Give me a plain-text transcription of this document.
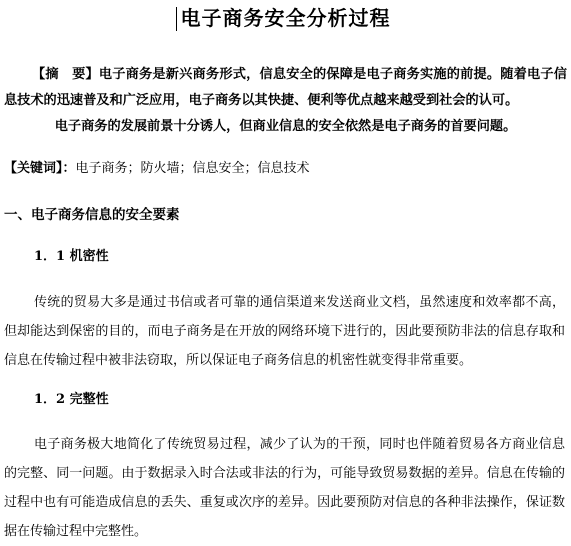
电子商务安全分析过程
【摘　要】电子商务是新兴商务形式，信息安全的保障是电子商务实施的前提。随着电子信息技术的迅速普及和广泛应用，电子商务以其快捷、便利等优点越来越受到社会的认可。
电子商务的发展前景十分诱人，但商业信息的安全依然是电子商务的首要问题。
【关键词】：电子商务；防火墙；信息安全；信息技术
一、电子商务信息的安全要素
1．1 机密性
传统的贸易大多是通过书信或者可靠的通信渠道来发送商业文档，虽然速度和效率都不高，但却能达到保密的目的，而电子商务是在开放的网络环境下进行的，因此要预防非法的信息存取和信息在传输过程中被非法窃取，所以保证电子商务信息的机密性就变得非常重要。
1．2 完整性
电子商务极大地简化了传统贸易过程，减少了认为的干预，同时也伴随着贸易各方商业信息的完整、同一问题。由于数据录入时合法或非法的行为，可能导致贸易数据的差异。信息在传输的过程中也有可能造成信息的丢失、重复或次序的差异。因此要预防对信息的各种非法操作，保证数据在传输过程中完整性。
